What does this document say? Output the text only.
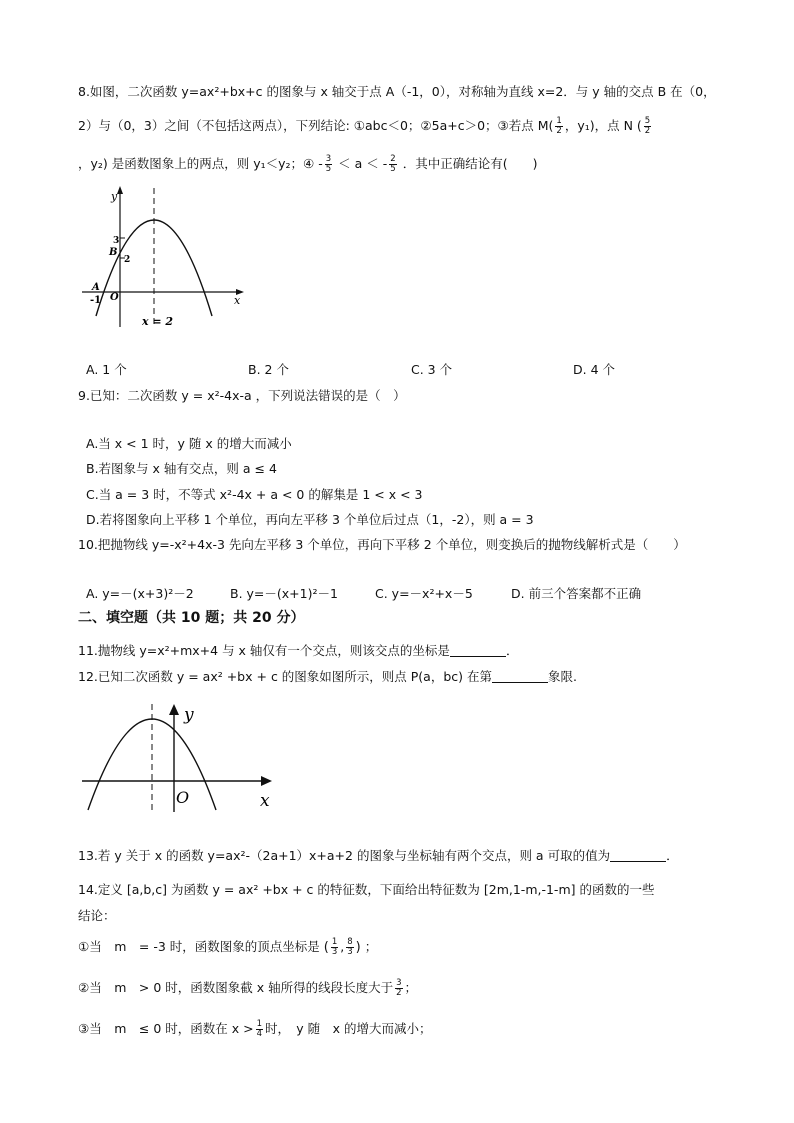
8.如图，二次函数 y=ax²+bx+c 的图象与 x 轴交于点 A（-1，0），对称轴为直线 x=2．与 y 轴的交点 B 在（0，
2）与（0，3）之间（不包括这两点），下列结论: ①abc＜0；②5a+c＞0；③若点 $M( \frac{1}{2}$ ，y₁)，点 N ( $\frac{5}{2}$
，y₂) 是函数图象上的两点，则 y₁＜y₂；④ - $\frac{3}{5} < a$ ＜ - $\frac{2}{5}$ ．其中正确结论有(　　)
y
x
O
A
-1
B
3
2
x = 2
A. 1 个	B. 2 个	C. 3 个	D. 4 个
9.已知：二次函数 y = x²-4x-a ，下列说法错误的是（　）
A.当 x < 1 时，y 随 x 的增大而减小
B.若图象与 x 轴有交点，则 a ≤ 4
C.当 a = 3 时，不等式 x²-4x + a < 0 的解集是 1 < x < 3
D.若将图象向上平移 1 个单位，再向左平移 3 个单位后过点（1，-2），则 a = 3
10.把抛物线 y=-x²+4x-3 先向左平移 3 个单位，再向下平移 2 个单位，则变换后的抛物线解析式是（　　）
A. y=－(x+3)²－2	B. y=－(x+1)²－1	C. y=－x²+x－5	D. 前三个答案都不正确
二、填空题（共 10 题；共 20 分）
11.抛物线 y=x²+mx+4 与 x 轴仅有一个交点，则该交点的坐标是	．
12.已知二次函数 y = ax² +bx + c 的图象如图所示，则点 P(a，bc) 在第	象限.
y
x
O
13.若 y 关于 x 的函数 y=ax²-（2a+1）x+a+2 的图象与坐标轴有两个交点，则 a 可取的值为	．
14.定义 [a,b,c] 为函数 y = ax² +bx + c 的特征数，下面给出特征数为 [2m,1-m,-1-m] 的函数的一些
结论：
①当　m　= -3 时，函数图象的顶点坐标是 ( $\frac{1}{3}$ , $\frac{8}{3}$ ) ；
②当　m　> 0 时，函数图象截 x 轴所得的线段长度大于 $\frac{3}{2}$ ；
③当　m　≤ 0 时，函数在 $x > \frac{1}{4}$ 时，　y 随　x 的增大而减小；
